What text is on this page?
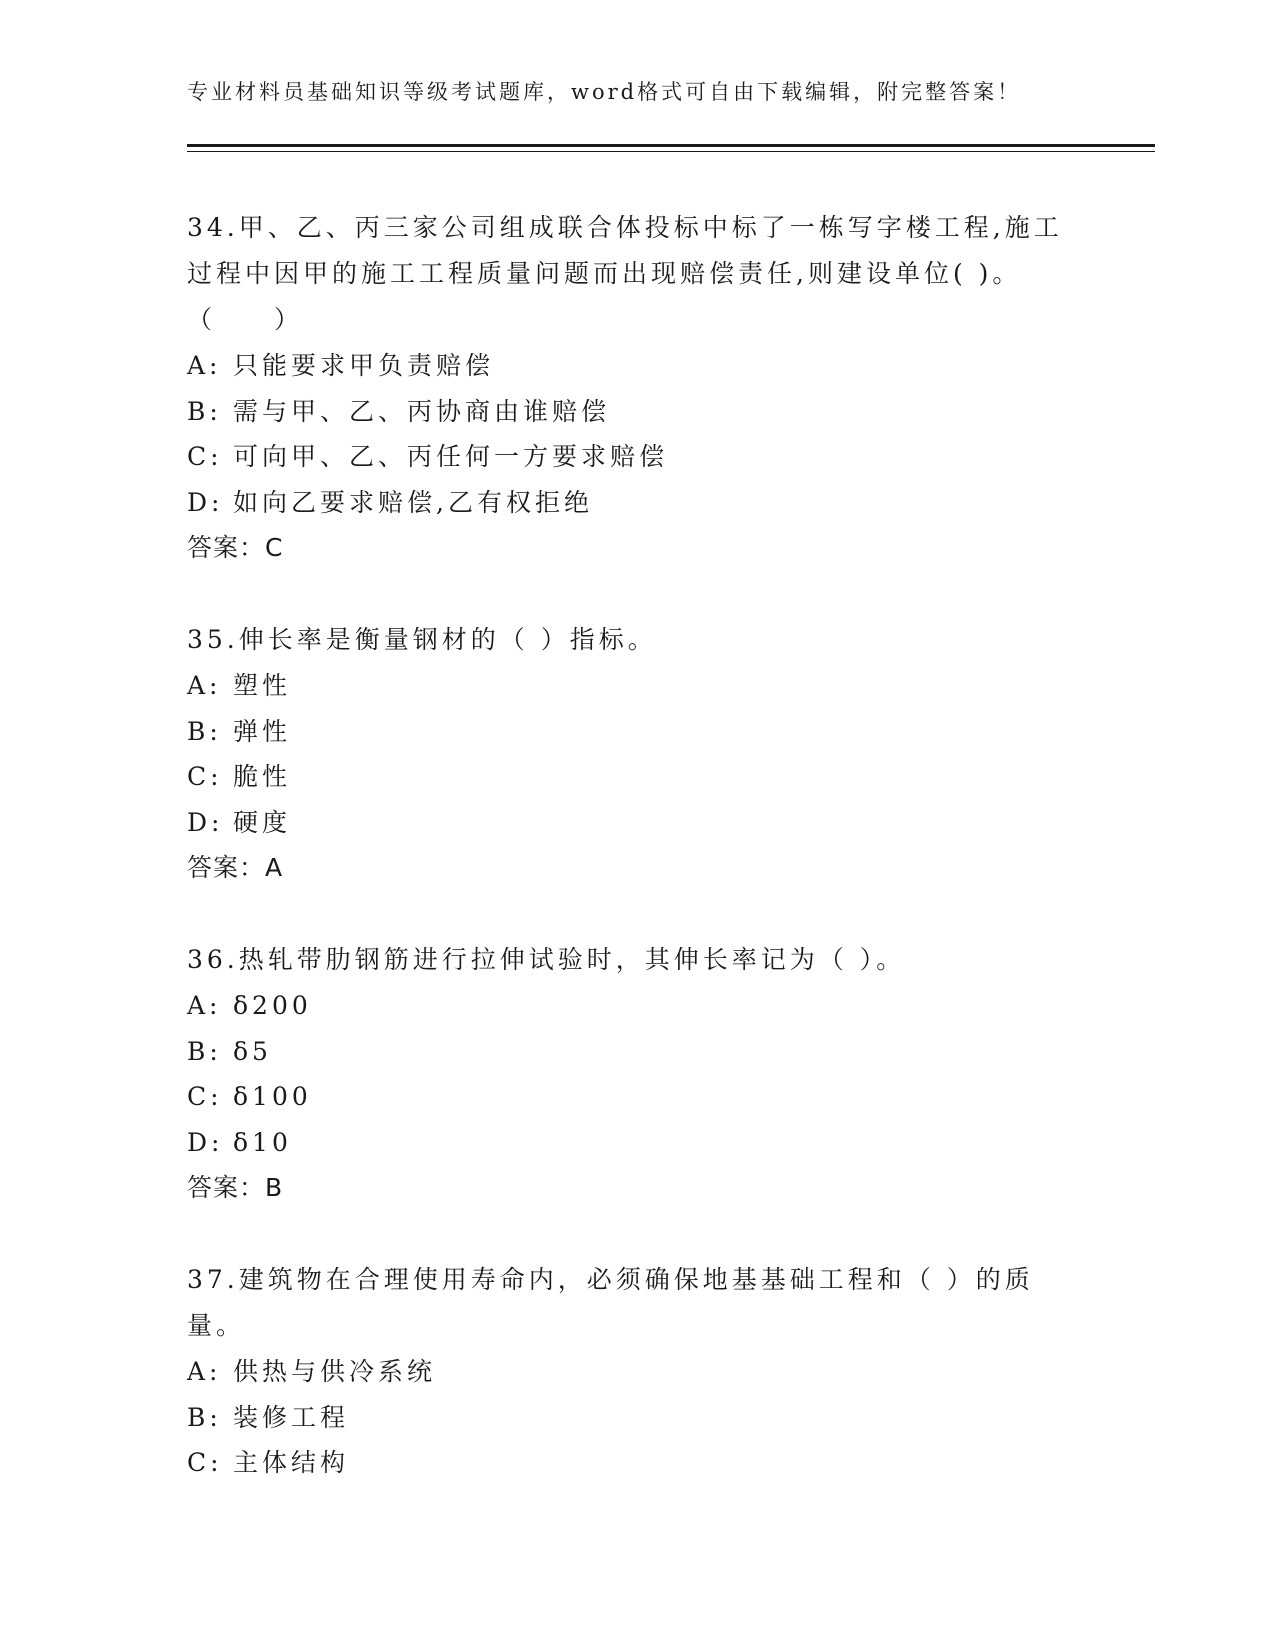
专业材料员基础知识等级考试题库，word格式可自由下载编辑，附完整答案！

34.甲、乙、丙三家公司组成联合体投标中标了一栋写字楼工程,施工过程中因甲的施工工程质量问题而出现赔偿责任,则建设单位( )。（　　）

A: 只能要求甲负责赔偿
B: 需与甲、乙、丙协商由谁赔偿
C: 可向甲、乙、丙任何一方要求赔偿
D: 如向乙要求赔偿,乙有权拒绝
答案：C

35.伸长率是衡量钢材的（ ）指标。

A: 塑性
B: 弹性
C: 脆性
D: 硬度
答案：A

36.热轧带肋钢筋进行拉伸试验时，其伸长率记为（ ）。

A: δ200
B: δ5
C: δ100
D: δ10
答案：B

37.建筑物在合理使用寿命内，必须确保地基基础工程和（ ）的质量。

A: 供热与供冷系统
B: 装修工程
C: 主体结构
